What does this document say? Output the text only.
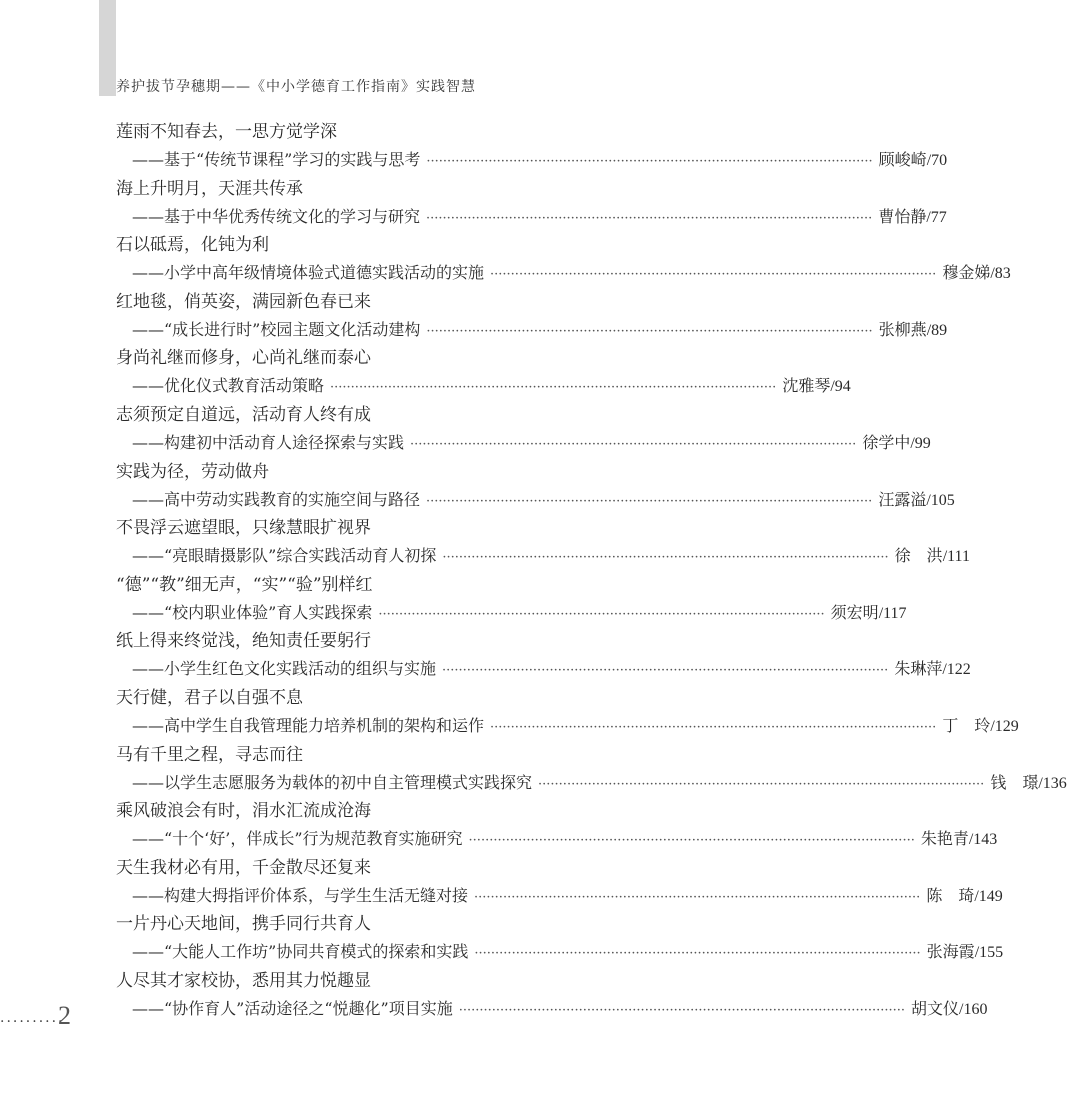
养护拔节孕穗期——《中小学德育工作指南》实践智慧
莲雨不知春去，一思方觉学深
——基于“传统节课程”学习的实践与思考 ·····	顾峻崎 /70
海上升明月，天涯共传承
——基于中华优秀传统文化的学习与研究 ·····	曹怡静 /77
石以砥焉，化钝为利
——小学中高年级情境体验式道德实践活动的实施 ·····	穆金娣 /83
红地毯，俏英姿，满园新色春已来
——“成长进行时”校园主题文化活动建构 ·····	张柳燕 /89
身尚礼继而修身，心尚礼继而泰心
——优化仪式教育活动策略 ·····	沈雅琴 /94
志须预定自道远，活动育人终有成
——构建初中活动育人途径探索与实践 ·····	徐学中 /99
实践为径，劳动做舟
——高中劳动实践教育的实施空间与路径 ·····	汪露溢 /105
不畏浮云遮望眼，只缘慧眼扩视界
——“亮眼睛摄影队”综合实践活动育人初探 ·····	徐　洪 /111
“德”“教”细无声，“实”“验”别样红
——“校内职业体验”育人实践探索 ·····	须宏明 /117
纸上得来终觉浅，绝知责任要躬行
——小学生红色文化实践活动的组织与实施 ·····	朱琳萍 /122
天行健，君子以自强不息
——高中学生自我管理能力培养机制的架构和运作 ·····	丁　玲 /129
马有千里之程，寻志而往
——以学生志愿服务为载体的初中自主管理模式实践探究 ·····	钱　璟 /136
乘风破浪会有时，涓水汇流成沧海
——“十个‘好’，伴成长”行为规范教育实施研究 ·····	朱艳青 /143
天生我材必有用，千金散尽还复来
——构建大拇指评价体系，与学生生活无缝对接 ·····	陈　琦 /149
一片丹心天地间，携手同行共育人
——“大能人工作坊”协同共育模式的探索和实践 ·····	张海霞 /155
人尽其才家校协，悉用其力悦趣显
——“协作育人”活动途径之“悦趣化”项目实施 ·····	胡文仪 /160
··········
2
